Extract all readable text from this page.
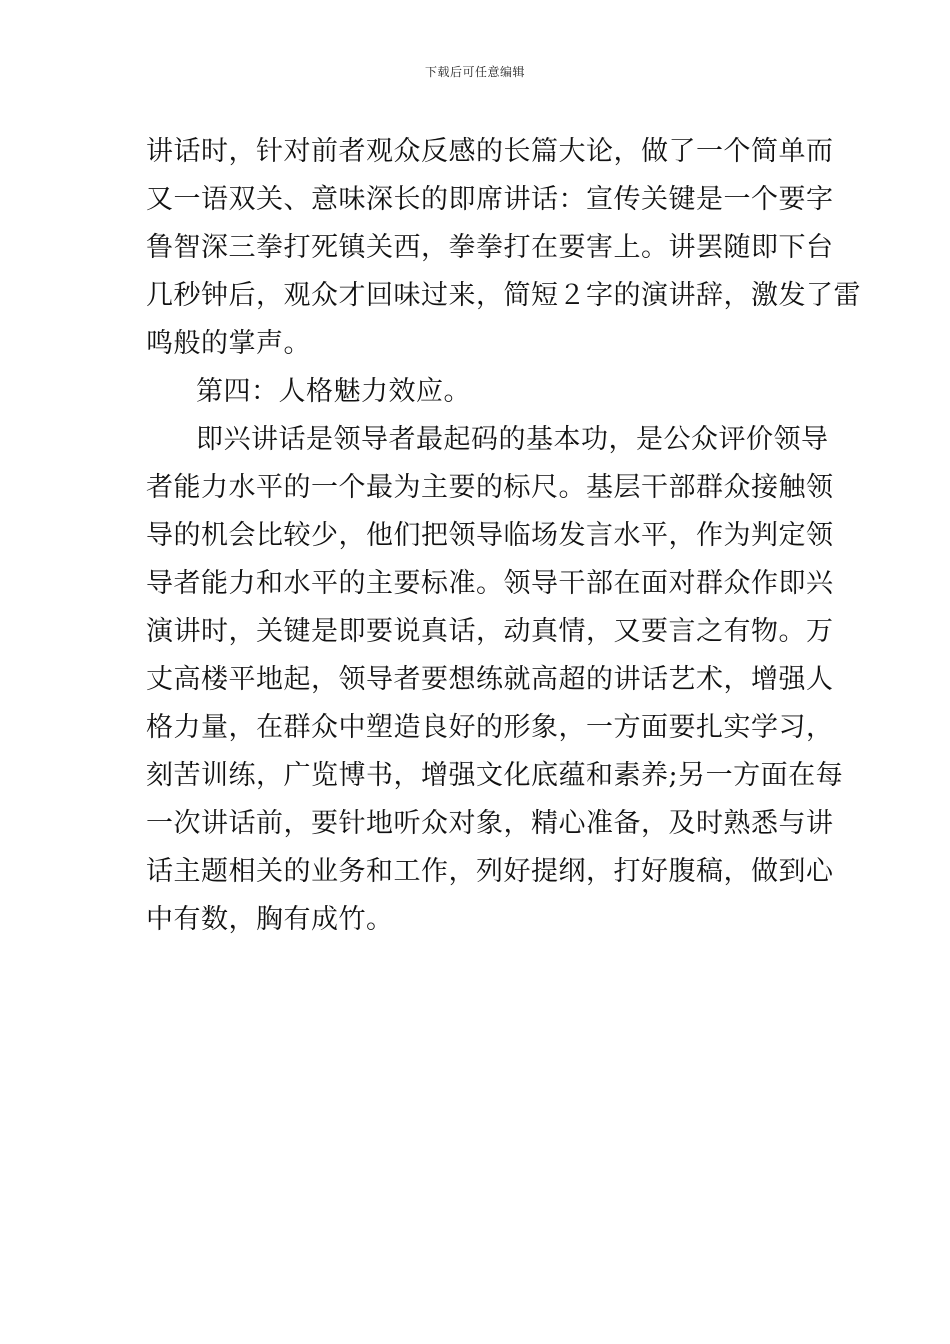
下载后可任意编辑
讲话时，针对前者观众反感的长篇大论，做了一个简单而
又一语双关、意味深长的即席讲话：宣传关键是一个要字
鲁智深三拳打死镇关西，拳拳打在要害上。讲罢随即下台
几秒钟后，观众才回味过来，简短２字的演讲辞，激发了雷
鸣般的掌声。
第四：人格魅力效应。
即兴讲话是领导者最起码的基本功，是公众评价领导
者能力水平的一个最为主要的标尺。基层干部群众接触领
导的机会比较少，他们把领导临场发言水平，作为判定领
导者能力和水平的主要标准。领导干部在面对群众作即兴
演讲时，关键是即要说真话，动真情，又要言之有物。万
丈高楼平地起，领导者要想练就高超的讲话艺术，增强人
格力量，在群众中塑造良好的形象，一方面要扎实学习，
刻苦训练，广览博书，增强文化底蕴和素养;另一方面在每
一次讲话前，要针地听众对象，精心准备，及时熟悉与讲
话主题相关的业务和工作，列好提纲，打好腹稿，做到心
中有数，胸有成竹。
